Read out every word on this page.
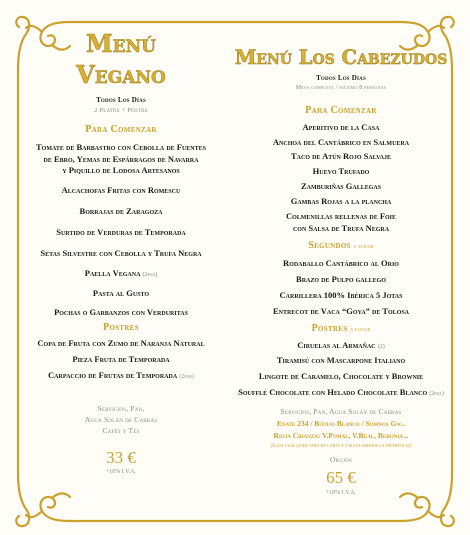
Menú
Vegano
Todos Los Días
2 Platos + Postre
Para Comenzar
Tomate de Barbastro con Cebolla de Fuentes
de Ebro, Yemas de Espárragos de Navarra
y Piquillo de Lodosa Artesanos
Alcachofas Fritas con Romescu
Borrajas de Zaragoza
Surtido de Verduras de Temporada
Setas Silvestre con Cebolla y Trufa Negra
Paella Vegana (2pax)
Pasta al Gusto
Pochas o Garbanzos con Verduritas
Postres
Copa de Fruta con Zumo de Naranja Natural
Pieza Fruta de Temporada
Carpaccio de Frutas de Temporada (2pax)
Servicios, Pan,
Agua Solán de Cabras
Cafés y Tés
33 €
+10% I.V.A.
Menú Los Cabezudos
Todos Los Días
Mesa completa / máximo 8 personas
Para Comenzar
Aperitivo de la Casa
Anchoa del Cantábrico en Salmuera
Taco de Atún Rojo Salvaje
Huevo Trufado
Zamburiñas Gallegas
Gambas Rojas a la plancha
Colmenillas rellenas de Foie
con Salsa de Trufa Negra
Segundos a elegir
Rodaballo Cantábrico al Orio
Brazo de Pulpo gallego
Carrillera 100% Ibérica 5 Jotas
Entrecot de Vaca “Goya” de Tolosa
Postres a elegir
Ciruelas al Armañac (2)
Tiramisú con Mascarpone Italiano
Lingote de Caramelo, Chocolate y Brownie
Soufflé Chocolate con Helado Chocolate Blanco (2pax)
Servicios, Pan, Agua Solán de Cabras
Enate 234 / Botijo Blanco / Somnos Gw..
Rioja Crianza: V.Pomal, V.Real, Beronia...
(Elija cualquier vino de carta y calcularemos la diferencia)
Orujos
65 €
+10% I.V.A.
